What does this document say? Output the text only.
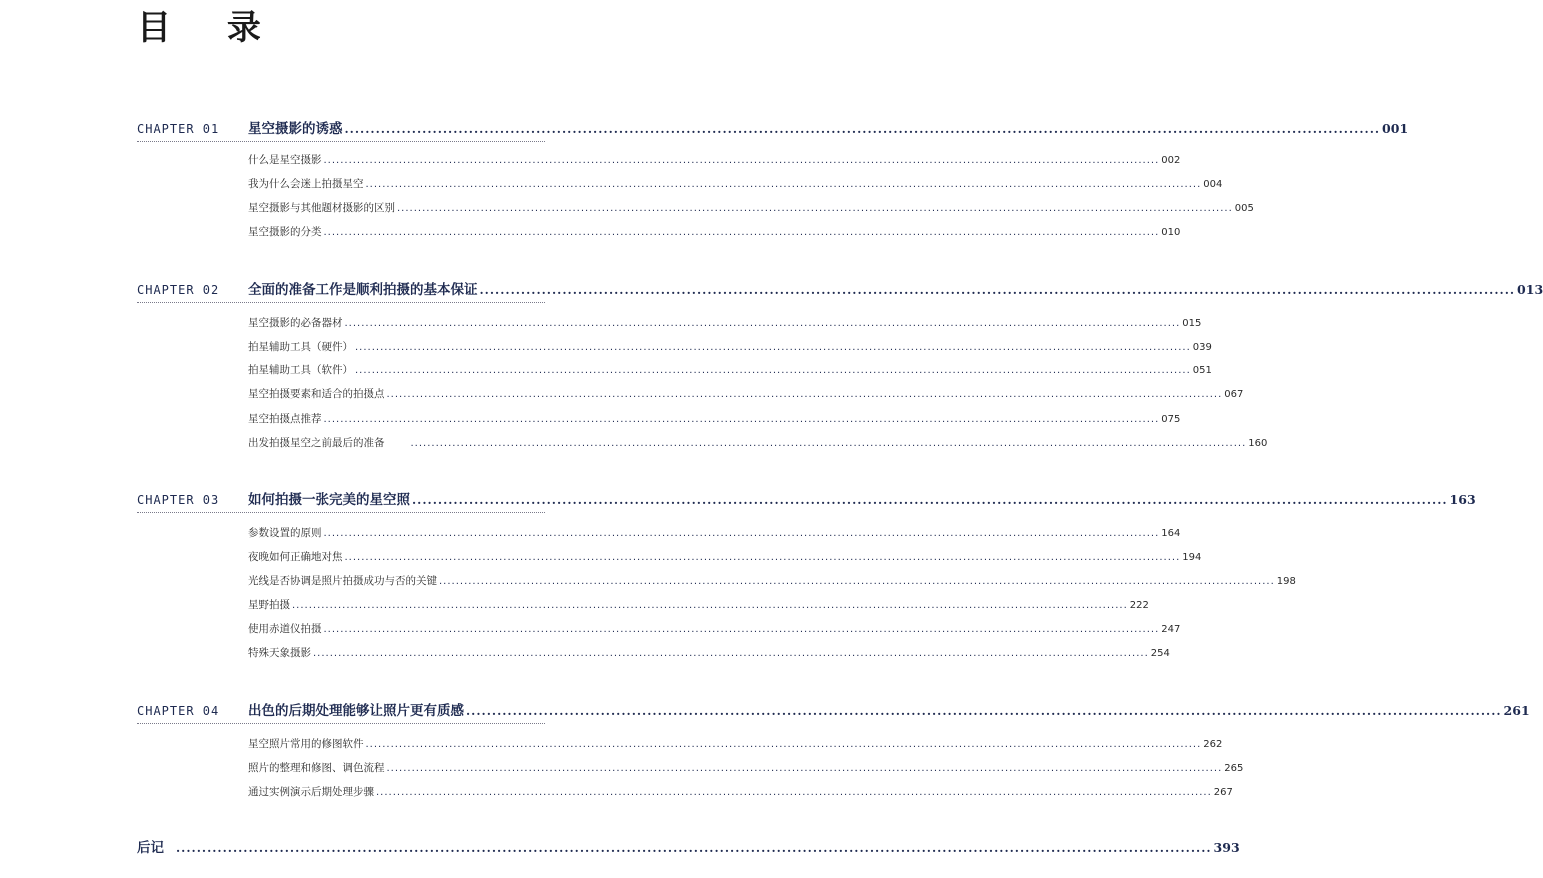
目 录
CHAPTER 01	星空摄影的诱惑 ........................................................................................................................................................................................................ 001
什么是星空摄影 ........................................................................................................................................................................................................ 002
我为什么会迷上拍摄星空 ........................................................................................................................................................................................................ 004
星空摄影与其他题材摄影的区别 ........................................................................................................................................................................................................ 005
星空摄影的分类 ........................................................................................................................................................................................................ 010
CHAPTER 02	全面的准备工作是顺利拍摄的基本保证 ........................................................................................................................................................................................................ 013
星空摄影的必备器材 ........................................................................................................................................................................................................ 015
拍星辅助工具（硬件） ........................................................................................................................................................................................................ 039
拍星辅助工具（软件） ........................................................................................................................................................................................................ 051
星空拍摄要素和适合的拍摄点 ........................................................................................................................................................................................................ 067
星空拍摄点推荐 ........................................................................................................................................................................................................ 075
出发拍摄星空之前最后的准备	........................................................................................................................................................................................................ 160
CHAPTER 03	如何拍摄一张完美的星空照 ........................................................................................................................................................................................................ 163
参数设置的原则 ........................................................................................................................................................................................................ 164
夜晚如何正确地对焦 ........................................................................................................................................................................................................ 194
光线是否协调是照片拍摄成功与否的关键 ........................................................................................................................................................................................................ 198
星野拍摄 ........................................................................................................................................................................................................ 222
使用赤道仪拍摄 ........................................................................................................................................................................................................ 247
特殊天象摄影 ........................................................................................................................................................................................................ 254
CHAPTER 04	出色的后期处理能够让照片更有质感 ........................................................................................................................................................................................................ 261
星空照片常用的修图软件 ........................................................................................................................................................................................................ 262
照片的整理和修图、调色流程 ........................................................................................................................................................................................................ 265
通过实例演示后期处理步骤 ........................................................................................................................................................................................................ 267
后记 ........................................................................................................................................................................................................ 393
